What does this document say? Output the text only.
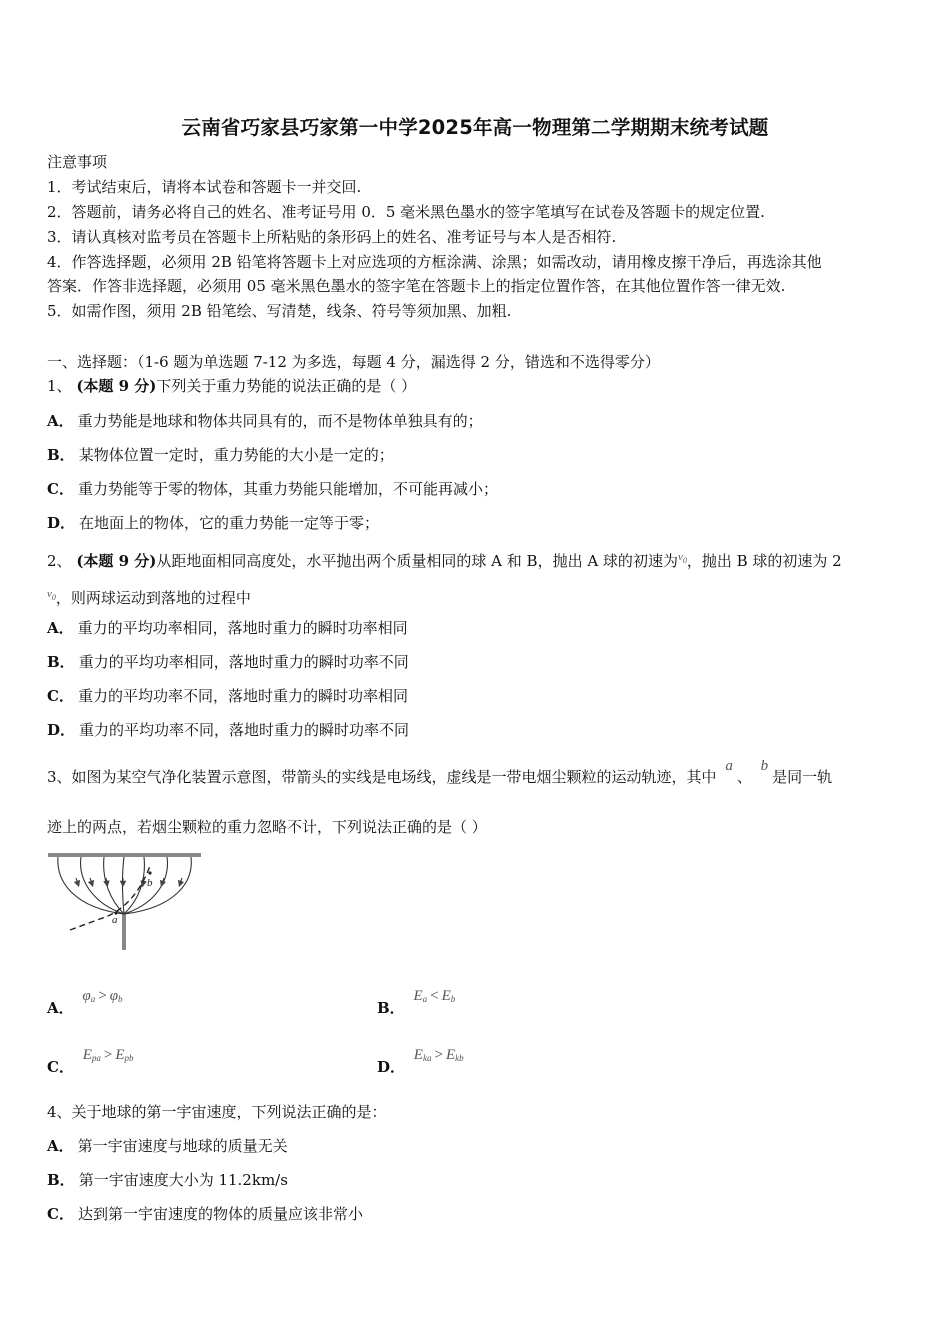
云南省巧家县巧家第一中学2025年高一物理第二学期期末统考试题
注意事项
1．考试结束后，请将本试卷和答题卡一并交回.
2．答题前，请务必将自己的姓名、准考证号用 0．5 毫米黑色墨水的签字笔填写在试卷及答题卡的规定位置.
3．请认真核对监考员在答题卡上所粘贴的条形码上的姓名、准考证号与本人是否相符.
4．作答选择题，必须用 2B 铅笔将答题卡上对应选项的方框涂满、涂黑；如需改动，请用橡皮擦干净后，再选涂其他
答案．作答非选择题，必须用 05 毫米黑色墨水的签字笔在答题卡上的指定位置作答，在其他位置作答一律无效.
5．如需作图，须用 2B 铅笔绘、写清楚，线条、符号等须加黑、加粗.
一、选择题：（1-6 题为单选题 7-12 为多选，每题 4 分，漏选得 2 分，错选和不选得零分）
1、 (本题 9 分)下列关于重力势能的说法正确的是（ ）
A． 重力势能是地球和物体共同具有的，而不是物体单独具有的；
B． 某物体位置一定时，重力势能的大小是一定的；
C． 重力势能等于零的物体，其重力势能只能增加，不可能再减小；
D． 在地面上的物体，它的重力势能一定等于零；
2、 (本题 9 分)从距地面相同高度处，水平抛出两个质量相同的球 A 和 B，抛出 A 球的初速为$^{v_0}$，抛出 B 球的初速为 2
$^{v_0}$，则两球运动到落地的过程中
A． 重力的平均功率相同，落地时重力的瞬时功率相同
B． 重力的平均功率相同，落地时重力的瞬时功率不同
C． 重力的平均功率不同，落地时重力的瞬时功率相同
D． 重力的平均功率不同，落地时重力的瞬时功率不同
3、如图为某空气净化装置示意图，带箭头的实线是电场线，虚线是一带电烟尘颗粒的运动轨迹，其中 a、 b是同一轨
迹上的两点，若烟尘颗粒的重力忽略不计，下列说法正确的是（ ）
a
b
A． $\varphi_a > \varphi_b$	B． $E_a < E_b$
C． $E_{pa} > E_{pb}$	D． $E_{ka} > E_{kb}$
4、关于地球的第一宇宙速度，下列说法正确的是：
A． 第一宇宙速度与地球的质量无关
B． 第一宇宙速度大小为 11.2km/s
C． 达到第一宇宙速度的物体的质量应该非常小
